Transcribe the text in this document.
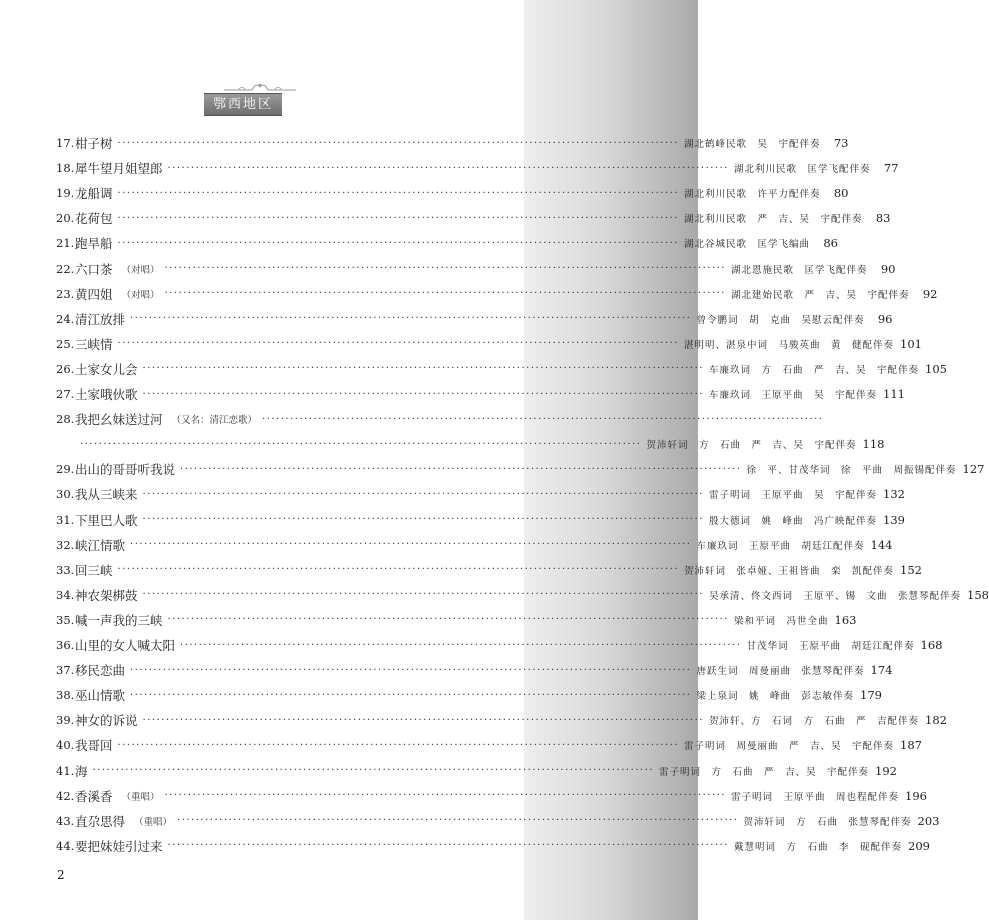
鄂西地区
17. 柑子树 ························································································································ 湖北鹤峰民歌　吴　宇配伴奏	73
18. 犀牛望月姐望郎 ························································································································ 湖北利川民歌　匡学飞配伴奏	77
19. 龙船调 ························································································································ 湖北利川民歌　许平力配伴奏	80
20. 花荷包 ························································································································ 湖北利川民歌　严　吉、吴　宇配伴奏	83
21. 跑旱船 ························································································································ 湖北谷城民歌　匡学飞编曲	86
22. 六口茶 （对唱） ························································································································ 湖北恩施民歌　匡学飞配伴奏	90
23. 黄四姐 （对唱） ························································································································ 湖北建始民歌　严　吉、吴　宇配伴奏	92
24. 清江放排 ························································································································ 曾令鹏词　胡　克曲　吴慰云配伴奏	96
25. 三峡情 ························································································································ 湛明明、湛泉中词　马骏英曲　黄　健配伴奏 101
26. 土家女儿会 ························································································································ 车廉玖词　方　石曲　严　吉、吴　宇配伴奏 105
27. 土家哦伙歌 ························································································································ 车廉玖词　王原平曲　吴　宇配伴奏 111
28. 我把幺妹送过河 （又名：清江恋歌） ························································································································
························································································································ 贺沛轩词　方　石曲　严　吉、吴　宇配伴奏 118
29. 出山的哥哥听我说 ························································································································ 徐　平、甘茂华词　徐　平曲　周振锡配伴奏 127
30. 我从三峡来 ························································································································ 雷子明词　王原平曲　吴　宇配伴奏 132
31. 下里巴人歌 ························································································································ 殷大德词　姚　峰曲　冯广映配伴奏 139
32. 峡江情歌 ························································································································ 车廉玖词　王原平曲　胡廷江配伴奏 144
33. 回三峡 ························································································································ 贺沛轩词　张卓娅、王祖皆曲　栾　凯配伴奏 152
34. 神农架梆鼓 ························································································································ 吴承清、佟文西词　王原平、锡　文曲　张慧琴配伴奏 158
35. 喊一声我的三峡 ························································································································ 梁和平词　冯世全曲 163
36. 山里的女人喊太阳 ························································································································ 甘茂华词　王原平曲　胡廷江配伴奏 168
37. 移民恋曲 ························································································································ 唐跃生词　周曼丽曲　张慧琴配伴奏 174
38. 巫山情歌 ························································································································ 梁上泉词　姚　峰曲　彭志敏伴奏 179
39. 神女的诉说 ························································································································ 贺沛轩、方　石词　方　石曲　严　吉配伴奏 182
40. 我哥回 ························································································································ 雷子明词　周曼丽曲　严　吉、吴　宇配伴奏 187
41. 海 ························································································································ 雷子明词　方　石曲　严　吉、吴　宇配伴奏 192
42. 香溪香 （重唱） ························································································································ 雷子明词　王原平曲　周也程配伴奏 196
43. 直尕思得 （重唱） ························································································································ 贺沛轩词　方　石曲　张慧琴配伴奏 203
44. 要把妹娃引过来 ························································································································ 戴慧明词　方　石曲　李　砚配伴奏 209
2
